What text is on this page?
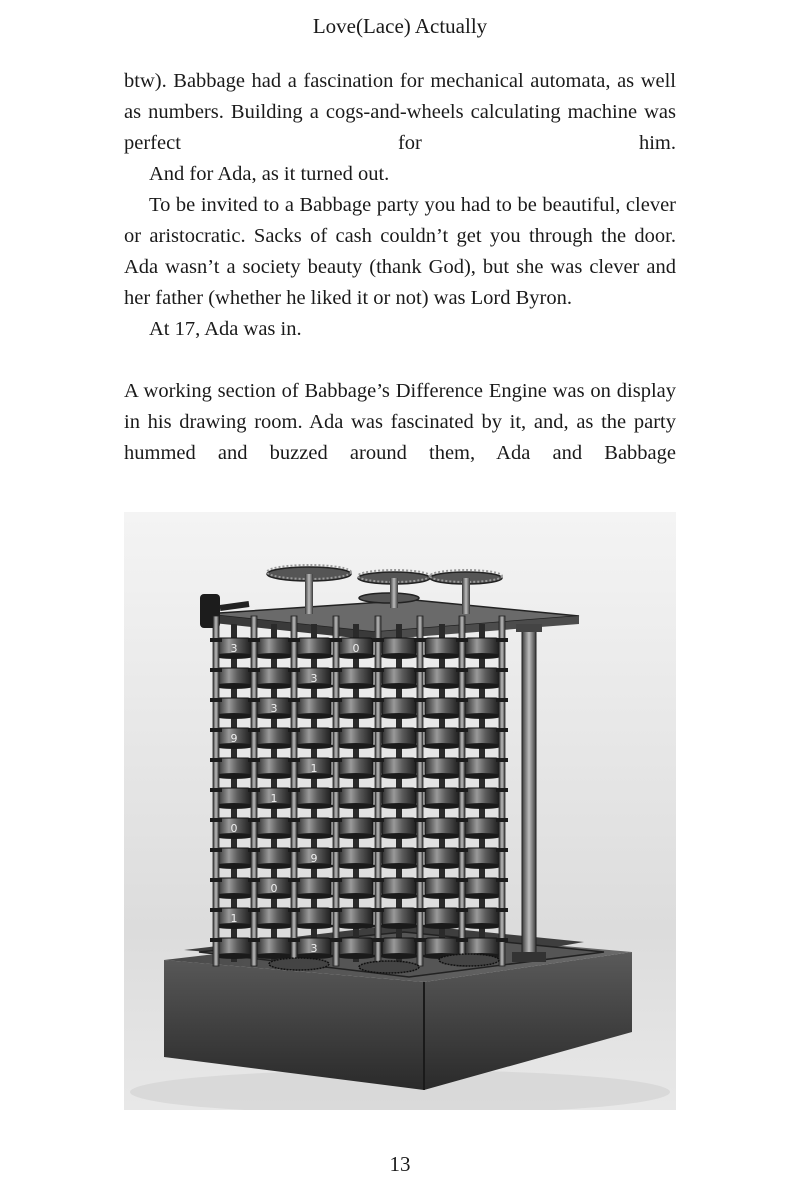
Love(Lace) Actually

btw). Babbage had a fascination for mechanical automata, as well as numbers. Building a cogs-and-wheels calculating machine was perfect for him.

And for Ada, as it turned out.

To be invited to a Babbage party you had to be beautiful, clever or aristocratic. Sacks of cash couldn’t get you through the door. Ada wasn’t a society beauty (thank God), but she was clever and her father (whether he liked it or not) was Lord Byron.

At 17, Ada was in.

A working section of Babbage’s Difference Engine was on display in his drawing room. Ada was fascinated by it, and, as the party hummed and buzzed around them, Ada and Babbage

3
9
0
1
3
1
0
3
1
9
3
0
13
